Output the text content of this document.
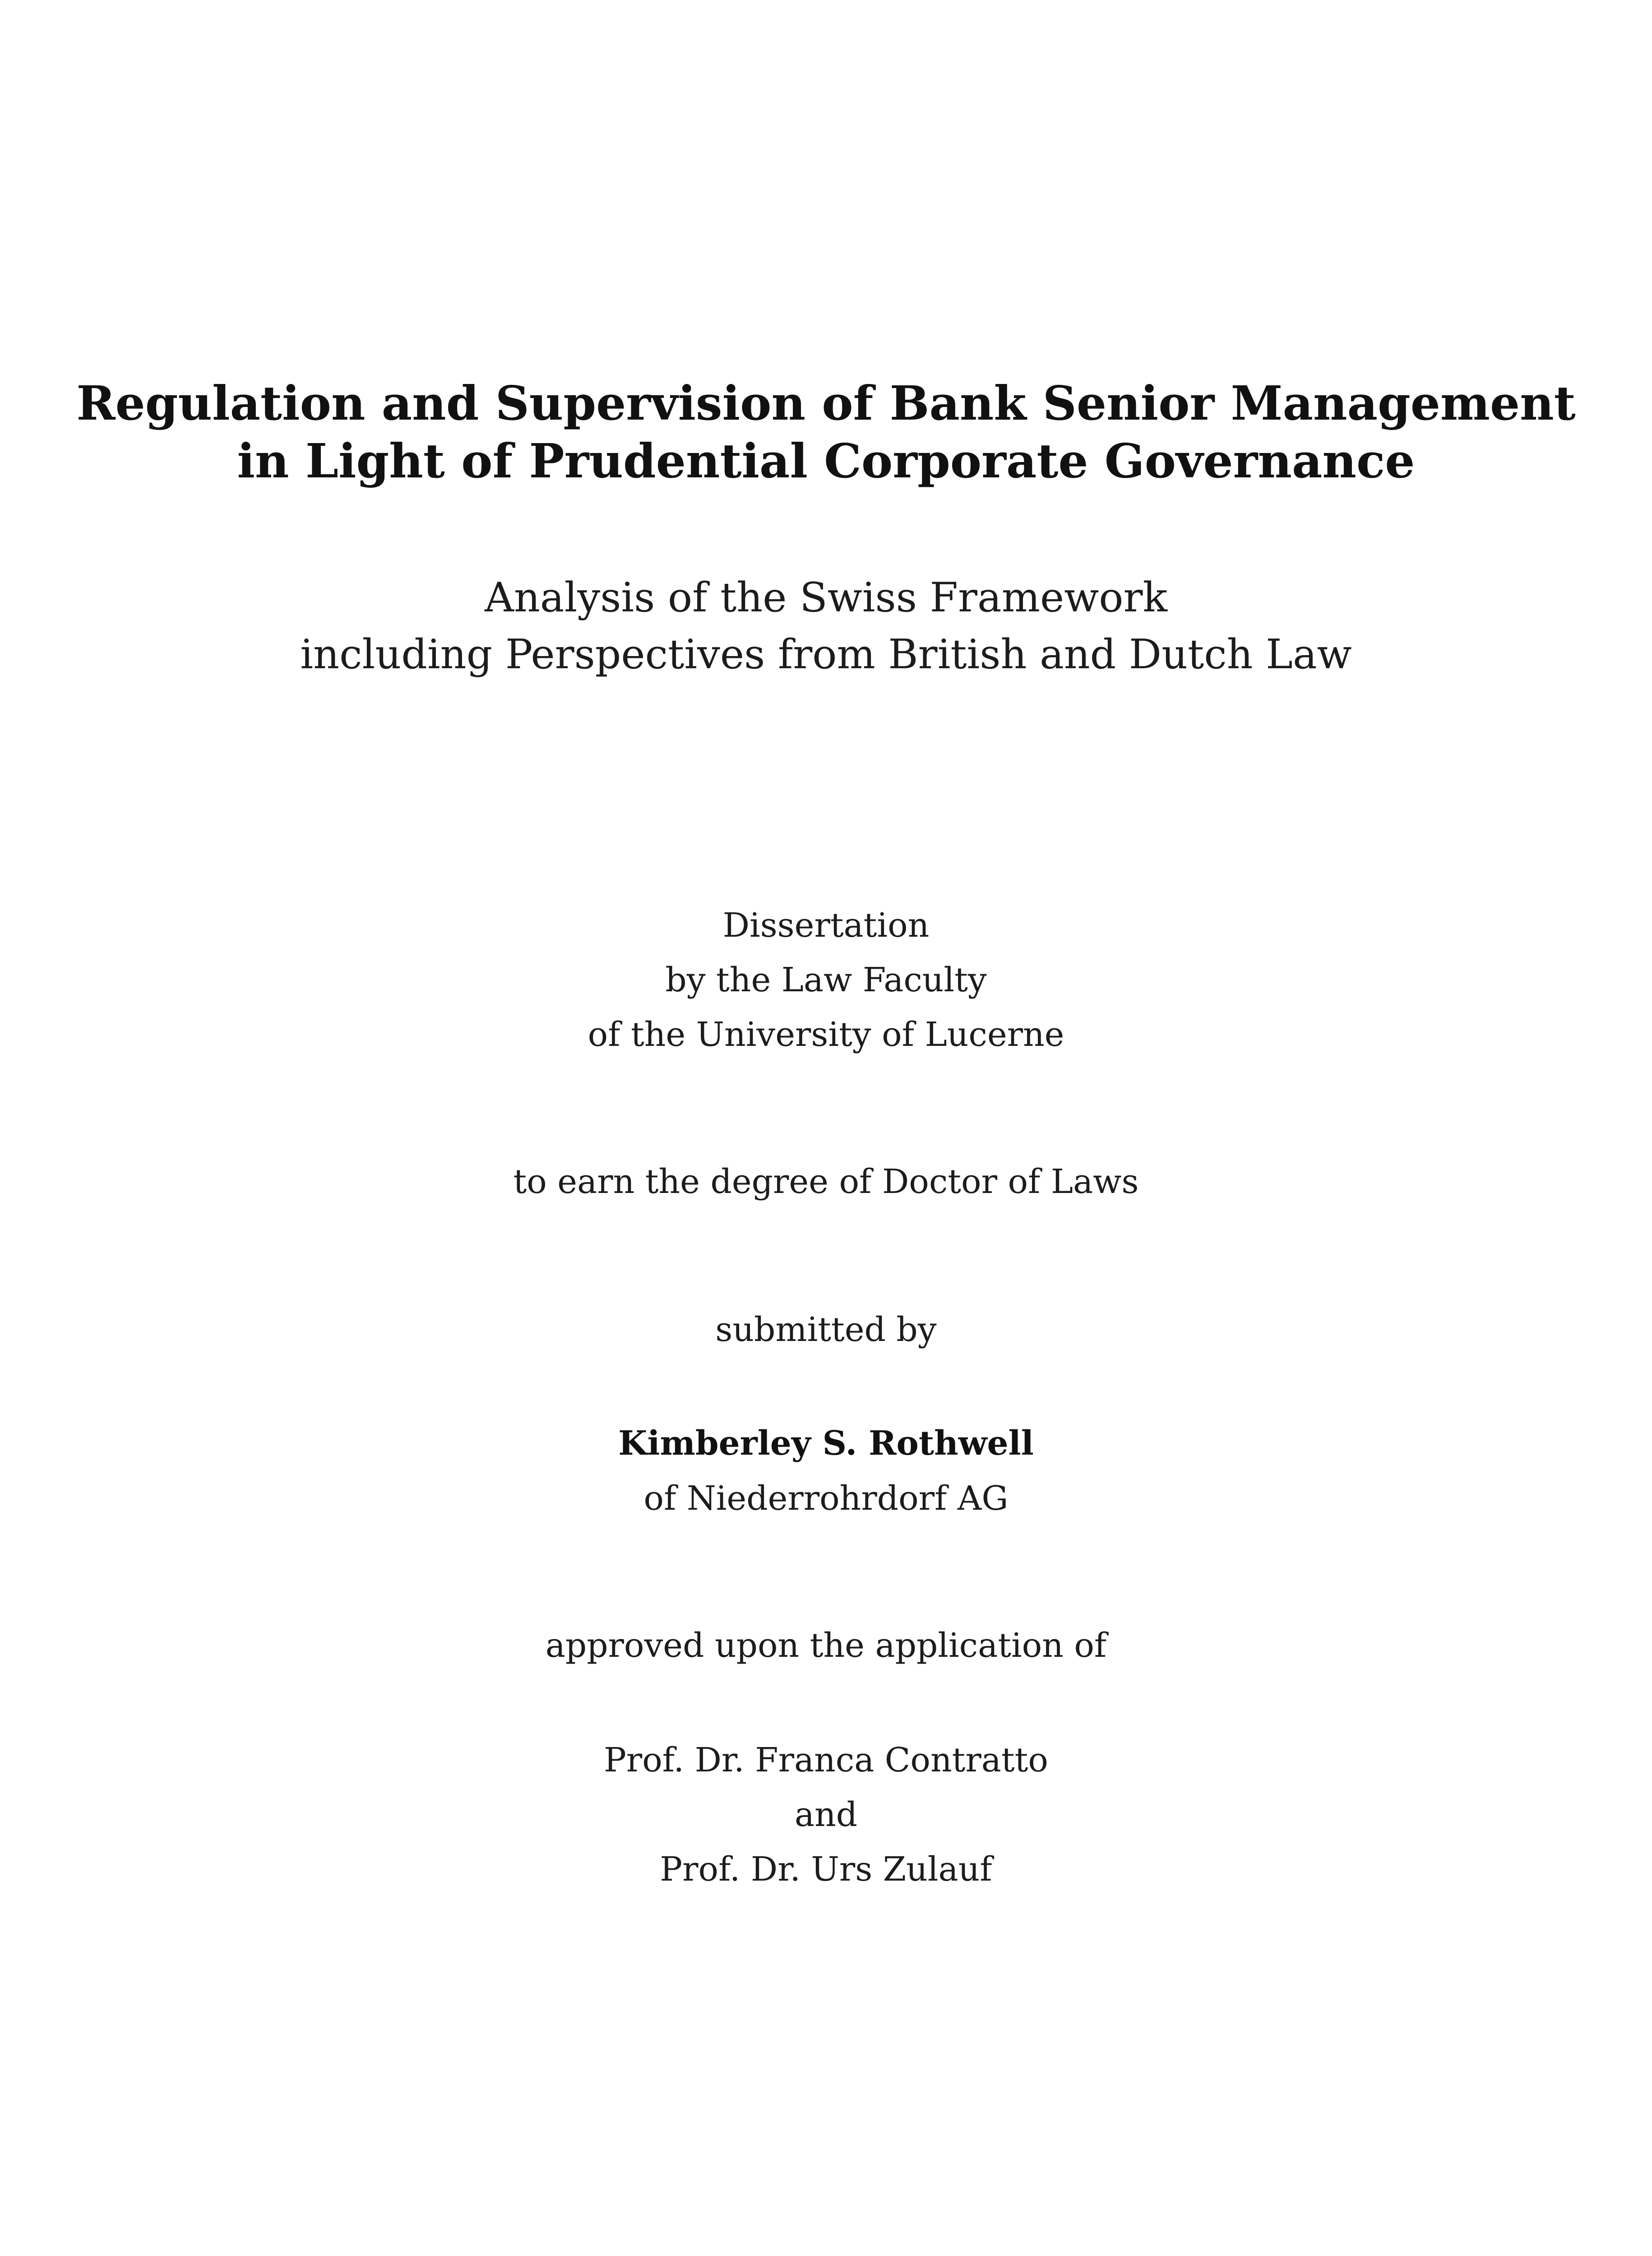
Regulation and Supervision of Bank Senior Management
in Light of Prudential Corporate Governance
Analysis of the Swiss Framework
including Perspectives from British and Dutch Law
Dissertation
by the Law Faculty
of the University of Lucerne
to earn the degree of Doctor of Laws
submitted by
Kimberley S. Rothwell
of Niederrohrdorf AG
approved upon the application of
Prof. Dr. Franca Contratto
and
Prof. Dr. Urs Zulauf
